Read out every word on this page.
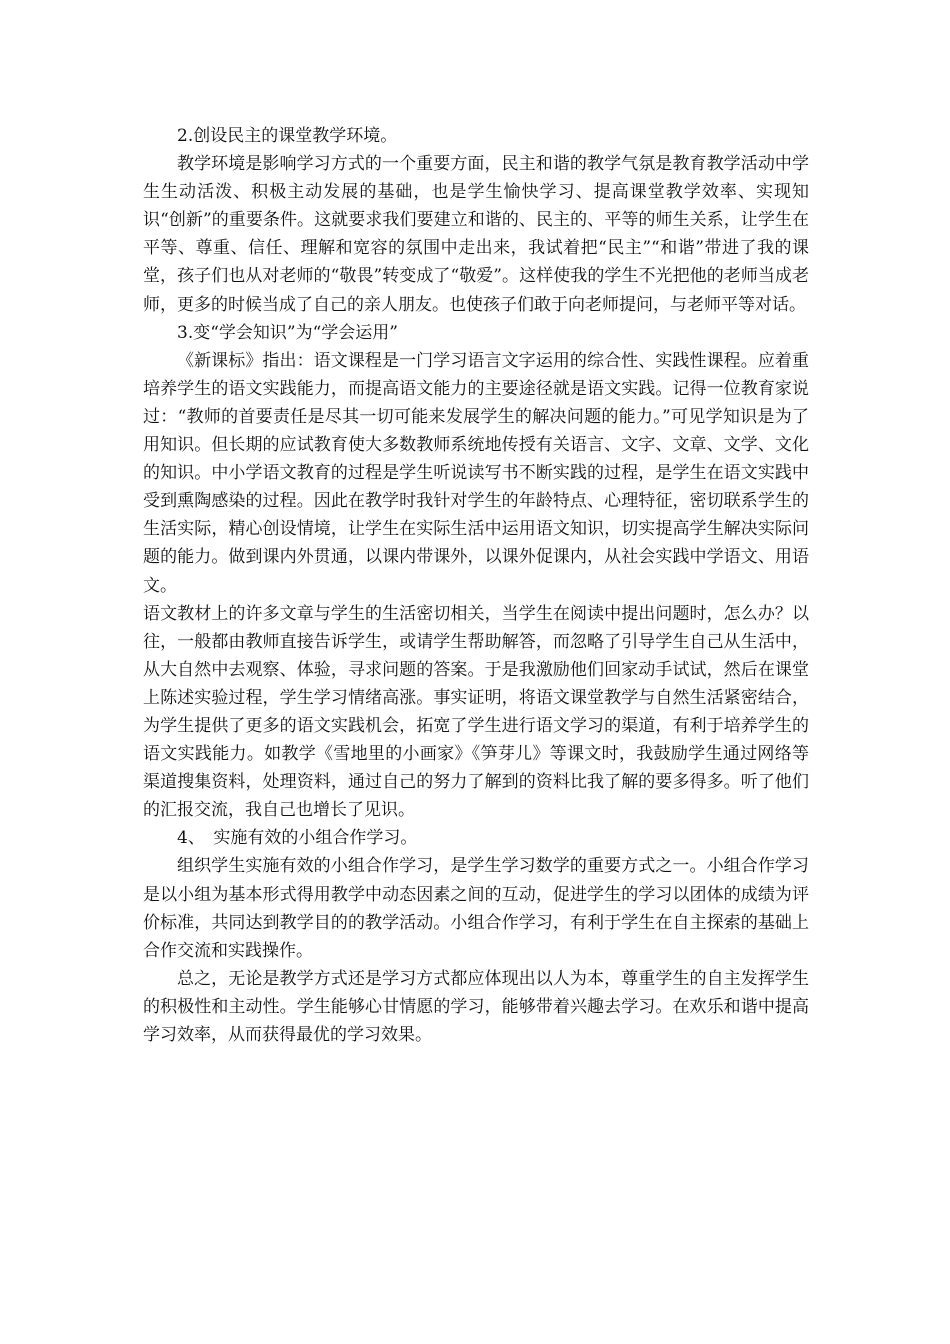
2.创设民主的课堂教学环境。

教学环境是影响学习方式的一个重要方面，民主和谐的教学气氛是教育教学活动中学生生动活泼、积极主动发展的基础，也是学生愉快学习、提高课堂教学效率、实现知识“创新”的重要条件。这就要求我们要建立和谐的、民主的、平等的师生关系，让学生在平等、尊重、信任、理解和宽容的氛围中走出来，我试着把“民主”“和谐”带进了我的课堂，孩子们也从对老师的“敬畏”转变成了“敬爱”。这样使我的学生不光把他的老师当成老师，更多的时候当成了自己的亲人朋友。也使孩子们敢于向老师提问，与老师平等对话。

3.变“学会知识”为“学会运用”

《新课标》指出：语文课程是一门学习语言文字运用的综合性、实践性课程。应着重培养学生的语文实践能力，而提高语文能力的主要途径就是语文实践。记得一位教育家说过：“教师的首要责任是尽其一切可能来发展学生的解决问题的能力。”可见学知识是为了用知识。但长期的应试教育使大多数教师系统地传授有关语言、文字、文章、文学、文化的知识。中小学语文教育的过程是学生听说读写书不断实践的过程，是学生在语文实践中受到熏陶感染的过程。因此在教学时我针对学生的年龄特点、心理特征，密切联系学生的生活实际，精心创设情境，让学生在实际生活中运用语文知识，切实提高学生解决实际问题的能力。做到课内外贯通，以课内带课外，以课外促课内，从社会实践中学语文、用语文。

语文教材上的许多文章与学生的生活密切相关，当学生在阅读中提出问题时，怎么办？以往，一般都由教师直接告诉学生，或请学生帮助解答，而忽略了引导学生自己从生活中，从大自然中去观察、体验，寻求问题的答案。于是我激励他们回家动手试试，然后在课堂上陈述实验过程，学生学习情绪高涨。事实证明，将语文课堂教学与自然生活紧密结合，为学生提供了更多的语文实践机会，拓宽了学生进行语文学习的渠道，有利于培养学生的语文实践能力。如教学《雪地里的小画家》《笋芽儿》等课文时，我鼓励学生通过网络等渠道搜集资料，处理资料，通过自己的努力了解到的资料比我了解的要多得多。听了他们的汇报交流，我自己也增长了见识。

4、　实施有效的小组合作学习。

组织学生实施有效的小组合作学习，是学生学习数学的重要方式之一。小组合作学习是以小组为基本形式得用教学中动态因素之间的互动，促进学生的学习以团体的成绩为评价标准，共同达到教学目的的教学活动。小组合作学习，有利于学生在自主探索的基础上合作交流和实践操作。

总之，无论是教学方式还是学习方式都应体现出以人为本，尊重学生的自主发挥学生的积极性和主动性。学生能够心甘情愿的学习，能够带着兴趣去学习。在欢乐和谐中提高学习效率，从而获得最优的学习效果。
